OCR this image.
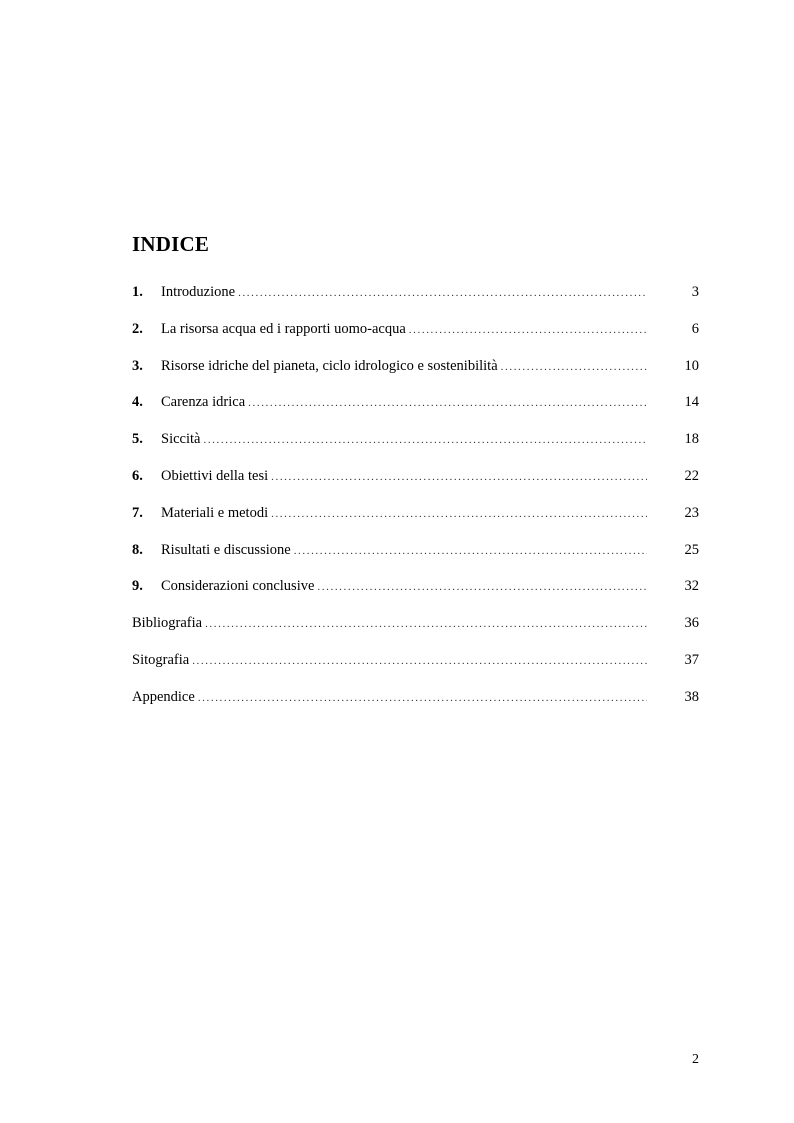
INDICE
1.	Introduzione .....	3
2.	La risorsa acqua ed i rapporti uomo-acqua .....	6
3.	Risorse idriche del pianeta, ciclo idrologico e sostenibilità .....	10
4.	Carenza idrica .....	14
5.	Siccità .....	18
6.	Obiettivi della tesi .....	22
7.	Materiali e metodi .....	23
8.	Risultati e discussione .....	25
9.	Considerazioni conclusive .....	32
Bibliografia .....	36
Sitografia .....	37
Appendice .....	38
2
